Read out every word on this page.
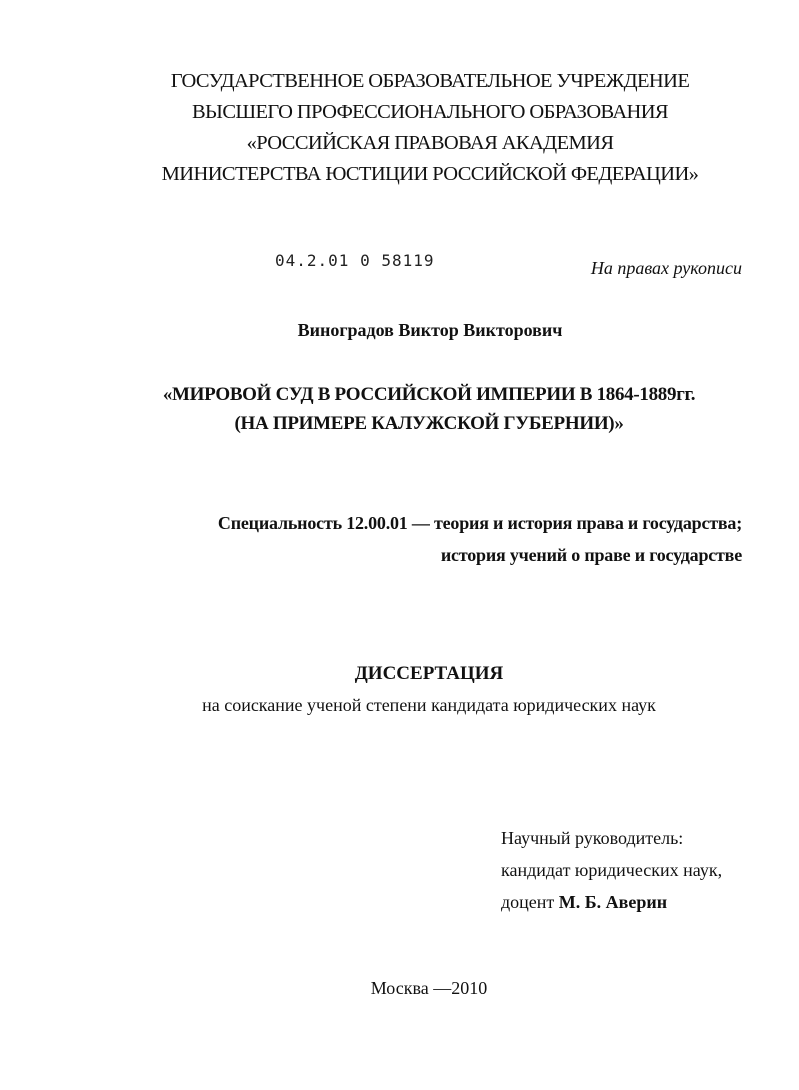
ГОСУДАРСТВЕННОЕ ОБРАЗОВАТЕЛЬНОЕ УЧРЕЖДЕНИЕ
ВЫСШЕГО ПРОФЕССИОНАЛЬНОГО ОБРАЗОВАНИЯ
«РОССИЙСКАЯ ПРАВОВАЯ АКАДЕМИЯ
МИНИСТЕРСТВА ЮСТИЦИИ РОССИЙСКОЙ ФЕДЕРАЦИИ»
04.2.01 0 58119	На правах рукописи
Виноградов Виктор Викторович
«МИРОВОЙ СУД В РОССИЙСКОЙ ИМПЕРИИ В 1864-1889гг.
(НА ПРИМЕРЕ КАЛУЖСКОЙ ГУБЕРНИИ)»
Специальность 12.00.01 — теория и история права и государства;
история учений о праве и государстве
ДИССЕРТАЦИЯ
на соискание ученой степени кандидата юридических наук
Научный руководитель:
кандидат юридических наук,
доцент М. Б. Аверин
Москва —2010
